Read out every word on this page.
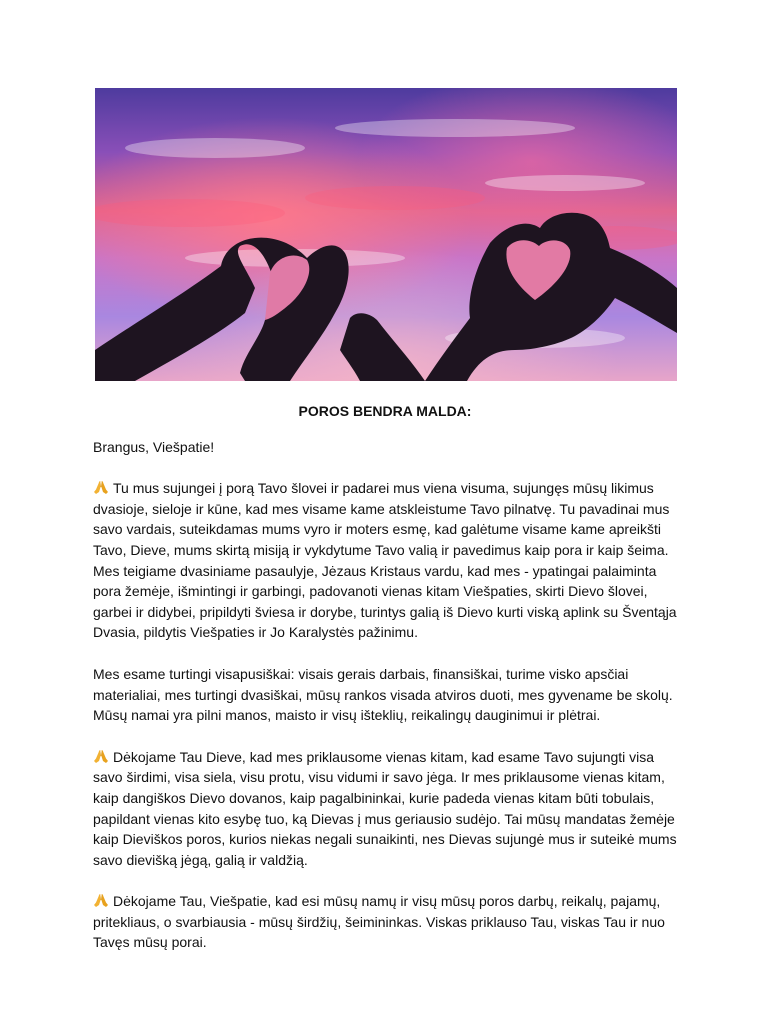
POROS BENDRA MALDA:
Brangus, Viešpatie!
Tu mus sujungei į porą Tavo šlovei ir padarei mus viena visuma, sujungęs mūsų likimus dvasioje, sieloje ir kūne, kad mes visame kame atskleistume Tavo pilnatvę. Tu pavadinai mus savo vardais, suteikdamas mums vyro ir moters esmę, kad galėtume visame kame apreikšti Tavo, Dieve, mums skirtą misiją ir vykdytume Tavo valią ir pavedimus kaip pora ir kaip šeima. Mes teigiame dvasiniame pasaulyje, Jėzaus Kristaus vardu, kad mes - ypatingai palaiminta pora žemėje, išmintingi ir garbingi, padovanoti vienas kitam Viešpaties, skirti Dievo šlovei, garbei ir didybei, pripildyti šviesa ir dorybe, turintys galią iš Dievo kurti viską aplink su Šventąja Dvasia, pildytis Viešpaties ir Jo Karalystės pažinimu.
Mes esame turtingi visapusiškai: visais gerais darbais, finansiškai, turime visko apsčiai materialiai, mes turtingi dvasiškai, mūsų rankos visada atviros duoti, mes gyvename be skolų. Mūsų namai yra pilni manos, maisto ir visų išteklių, reikalingų dauginimui ir plėtrai.
Dėkojame Tau Dieve, kad mes priklausome vienas kitam, kad esame Tavo sujungti visa savo širdimi, visa siela, visu protu, visu vidumi ir savo jėga. Ir mes priklausome vienas kitam, kaip dangiškos Dievo dovanos, kaip pagalbininkai, kurie padeda vienas kitam būti tobulais, papildant vienas kito esybę tuo, ką Dievas į mus geriausio sudėjo. Tai mūsų mandatas žemėje kaip Dieviškos poros, kurios niekas negali sunaikinti, nes Dievas sujungė mus ir suteikė mums savo dievišką jėgą, galią ir valdžią.
Dėkojame Tau, Viešpatie, kad esi mūsų namų ir visų mūsų poros darbų, reikalų, pajamų, pritekliaus, o svarbiausia - mūsų širdžių, šeimininkas. Viskas priklauso Tau, viskas Tau ir nuo Tavęs mūsų porai.
